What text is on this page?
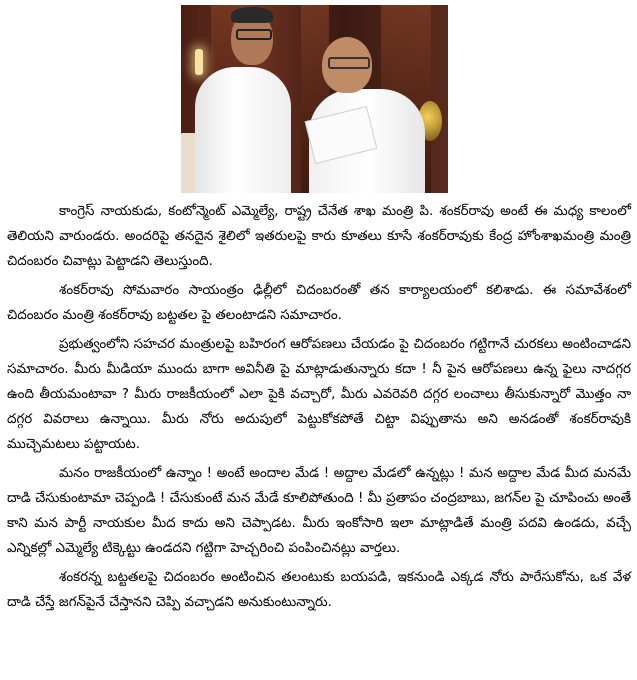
కాంగ్రెస్ నాయకుడు, కంటోన్మెంట్ ఎమ్మెల్యే, రాష్ట్ర చేనేత శాఖ మంత్రి పి. శంకర్‌రావు అంటే ఈ మధ్య కాలంలో తెలియని వారుండరు. అందరిపై తనదైన శైలిలో ఇతరులపై కారు కూతలు కూసే శంకర్‌రావుకు కేంద్ర హోంశాఖమంత్రి మంత్రి చిదంబరం చివాట్లు పెట్టాడని తెలుస్తుంది.

శంకర్‌రావు సోమవారం సాయంత్రం ఢిల్లీలో చిదంబరంతో తన కార్యాలయంలో కలిశాడు. ఈ సమావేశంలో చిదంబరం మంత్రి శంకర్‌రావు బట్టతల పై తలంటాడని సమాచారం.

ప్రభుత్వంలోని సహచర మంత్రులపై బహిరంగ ఆరోపణలు చేయడం పై చిదంబరం గట్టిగానే చురకలు అంటించాడని సమాచారం. మీరు మీడియా ముందు బాగా అవినీతి పై మాట్లాడుతున్నారు కదా ! నీ పైన ఆరోపణలు ఉన్న ఫైలు నాదగ్గర ఉంది తీయమంటావా ? మీరు రాజకీయంలో ఎలా పైకి వచ్చారో, మీరు ఎవరెవరి దగ్గర లంచాలు తీసుకున్నారో మొత్తం నా దగ్గర వివరాలు ఉన్నాయి. మీరు నోరు అదుపులో పెట్టుకోకపోతే చిట్టా విప్పుతాను అని అనడంతో శంకర్‌రావుకి ముచ్చెమటలు పట్టాయట.

మనం రాజకీయంలో ఉన్నాం ! అంటే అందాల మేడ ! అద్దాల మేడలో ఉన్నట్లు ! మన అద్దాల మేడ మీద మనమే దాడి చేసుకుంటామా చెప్పండి ! చేసుకుంటే మన మేడే కూలిపోతుంది ! మీ ప్రతాపం చంద్రబాబు, జగన్‌ల పై చూపించు అంతే కాని మన పార్టీ నాయకుల మీద కాదు అని చెప్పాడట. మీరు ఇంకోసారి ఇలా మాట్లాడితే మంత్రి పదవి ఉండదు, వచ్చే ఎన్నికల్లో ఎమ్మెల్యే టిక్కెట్టు ఉండదని గట్టిగా హెచ్చరించి పంపించినట్లు వార్తలు.

శంకరన్న బట్టతలపై చిదంబరం అంటించిన తలంటుకు బయపడి, ఇకనుండి ఎక్కడ నోరు పారేసుకోను, ఒక వేళ దాడి చేస్తే జగన్‌పైనే చేస్తానని చెప్పి వచ్చాడని అనుకుంటున్నారు.
